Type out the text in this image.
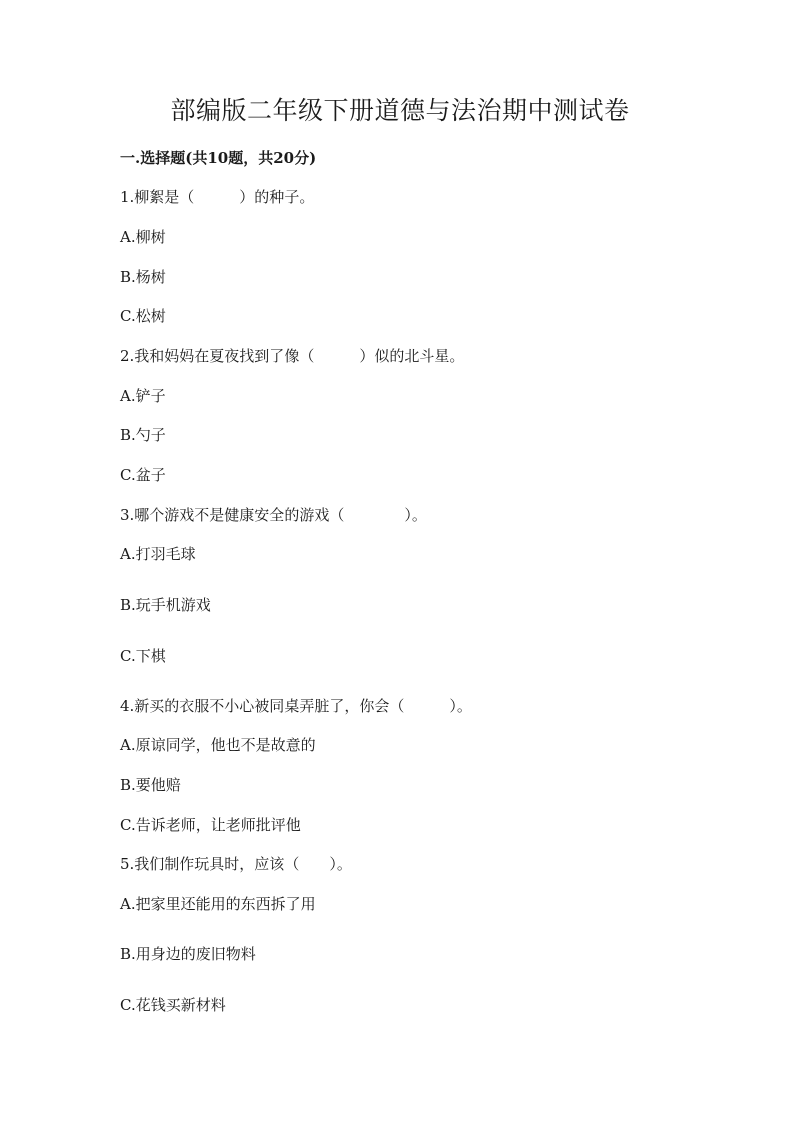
部编版二年级下册道德与法治期中测试卷
一.选择题(共10题，共20分)
1.柳絮是（　　　）的种子。
A.柳树
B.杨树
C.松树
2.我和妈妈在夏夜找到了像（　　　）似的北斗星。
A.铲子
B.勺子
C.盆子
3.哪个游戏不是健康安全的游戏（　　　　）。
A.打羽毛球
B.玩手机游戏
C.下棋
4.新买的衣服不小心被同桌弄脏了，你会（　　　）。
A.原谅同学，他也不是故意的
B.要他赔
C.告诉老师，让老师批评他
5.我们制作玩具时，应该（　　）。
A.把家里还能用的东西拆了用
B.用身边的废旧物料
C.花钱买新材料
